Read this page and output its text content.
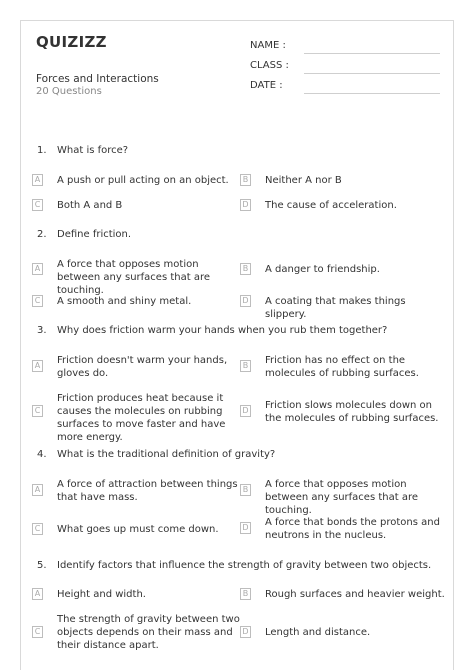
QUIZIZZ
Forces and Interactions
20 Questions
NAME :
CLASS :
DATE :
1. What is force?
A A push or pull acting on an object.	B Neither A nor B
C Both A and B	D The cause of acceleration.
2. Define friction.
A A force that opposes motion between any surfaces that are touching.
B A danger to friendship.
C A smooth and shiny metal.	D A coating that makes things slippery.
3. Why does friction warm your hands when you rub them together?
A Friction doesn't warm your hands, gloves do.
B Friction has no effect on the molecules of rubbing surfaces.
C
Friction produces heat because it causes the molecules on rubbing surfaces to move faster and have more energy.
D Friction slows molecules down on the molecules of rubbing surfaces.
4. What is the traditional definition of gravity?
A A force of attraction between things that have mass.
B A force that opposes motion between any surfaces that are touching.
C What goes up must come down.	D A force that bonds the protons and neutrons in the nucleus.
5. Identify factors that influence the strength of gravity between two objects.
A Height and width.	B Rough surfaces and heavier weight.
C
The strength of gravity between two objects depends on their mass and their distance apart.
D Length and distance.
